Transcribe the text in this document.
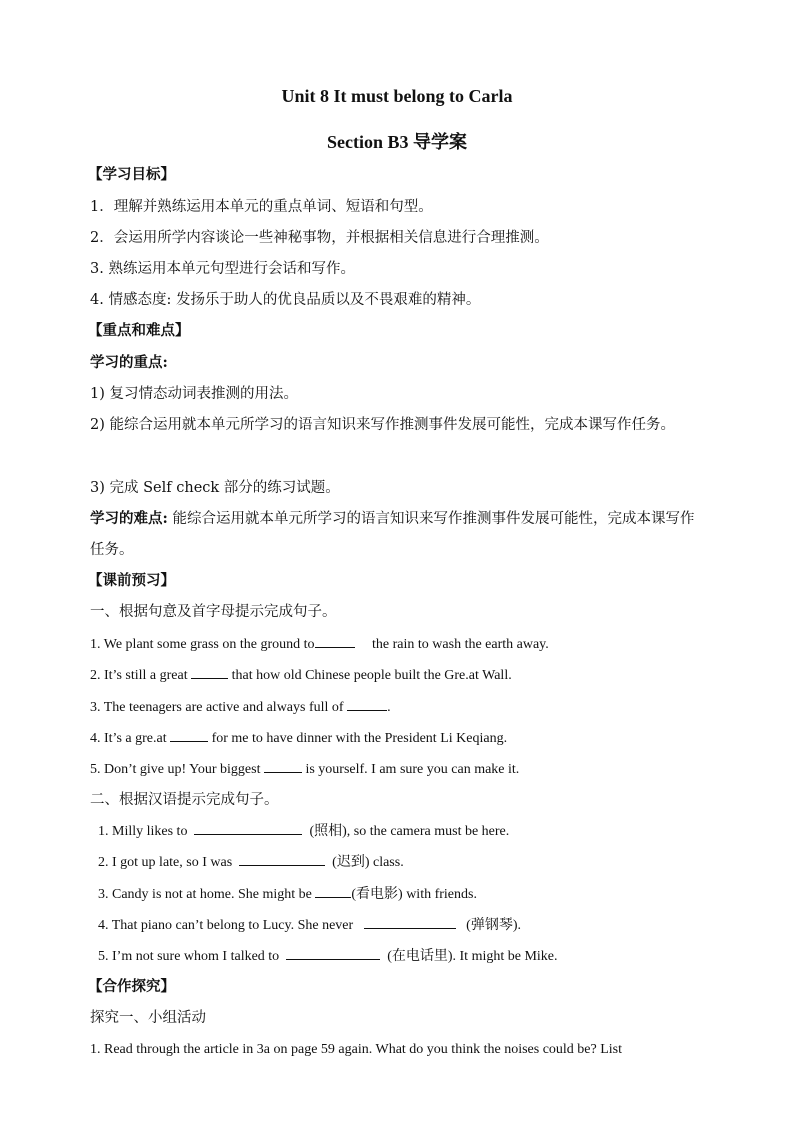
Unit 8 It must belong to Carla
Section B3 导学案
【学习目标】
1．理解并熟练运用本单元的重点单词、短语和句型。
2．会运用所学内容谈论一些神秘事物，并根据相关信息进行合理推测。
3. 熟练运用本单元句型进行会话和写作。
4. 情感态度: 发扬乐于助人的优良品质以及不畏艰难的精神。
【重点和难点】
学习的重点:
1) 复习情态动词表推测的用法。
2) 能综合运用就本单元所学习的语言知识来写作推测事件发展可能性，完成本课写作任务。
3) 完成 Self check 部分的练习试题。
学习的难点: 能综合运用就本单元所学习的语言知识来写作推测事件发展可能性，完成本课写作任务。
【课前预习】
一、根据句意及首字母提示完成句子。
1. We plant some grass on the ground to	the rain to wash the earth away.
2. It’s still a great	that how old Chinese people built the Gre.at Wall.
3. The teenagers are active and always full of	.
4. It’s a gre.at	for me to have dinner with the President Li Keqiang.
5. Don’t give up! Your biggest	is yourself. I am sure you can make it.
二、根据汉语提示完成句子。
1. Milly likes to	(照相), so the camera must be here.
2. I got up late, so I was	(迟到) class.
3. Candy is not at home. She might be	(看电影) with friends.
4. That piano can’t belong to Lucy. She never	(弹钢琴).
5. I’m not sure whom I talked to	(在电话里). It might be Mike.
【合作探究】
探究一、小组活动
1. Read through the article in 3a on page 59 again. What do you think the noises could be? List
